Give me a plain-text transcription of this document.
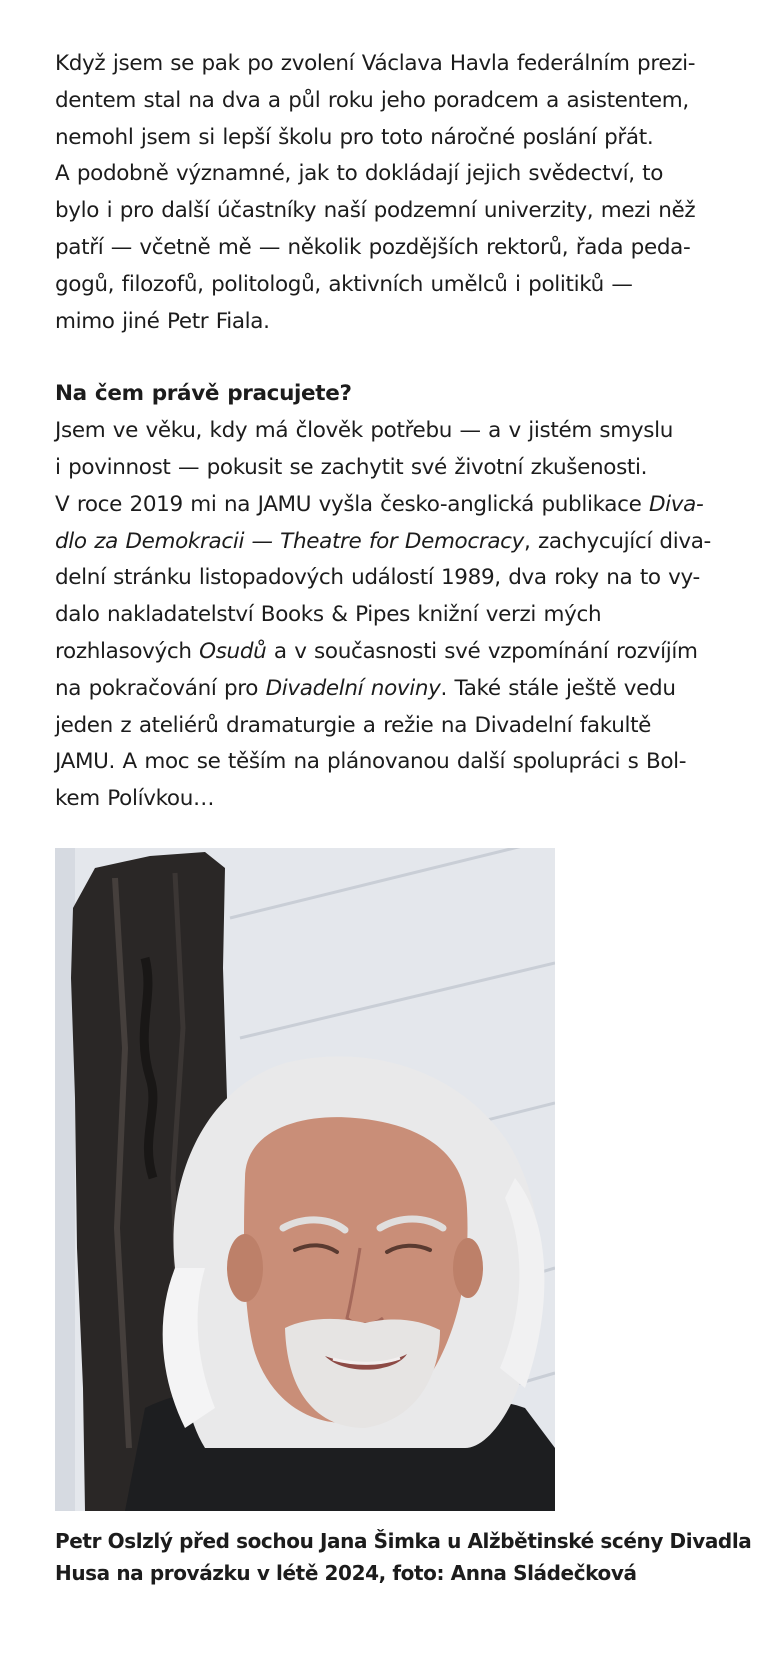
Když jsem se pak po zvolení Václava Havla federálním prezi-
dentem stal na dva a půl roku jeho poradcem a asistentem,
nemohl jsem si lepší školu pro toto náročné poslání přát.
A podobně významné, jak to dokládají jejich svědectví, to
bylo i pro další účastníky naší podzemní univerzity, mezi něž
patří — včetně mě — několik pozdějších rektorů, řada peda-
gogů, filozofů, politologů, aktivních umělců i politiků —
mimo jiné Petr Fiala.
Na čem právě pracujete?
Jsem ve věku, kdy má člověk potřebu — a v jistém smyslu
i povinnost — pokusit se zachytit své životní zkušenosti.
V roce 2019 mi na JAMU vyšla česko-anglická publikace Diva-
dlo za Demokracii — Theatre for Democracy, zachycující diva-
delní stránku listopadových událostí 1989, dva roky na to vy-
dalo nakladatelství Books & Pipes knižní verzi mých
rozhlasových Osudů a v současnosti své vzpomínání rozvíjím
na pokračování pro Divadelní noviny. Také stále ještě vedu
jeden z ateliérů dramaturgie a režie na Divadelní fakultě
JAMU. A moc se těším na plánovanou další spolupráci s Bol-
kem Polívkou…
Petr Oslzlý před sochou Jana Šimka u Alžbětinské scény Divadla
Husa na provázku v létě 2024, foto: Anna Sládečková
